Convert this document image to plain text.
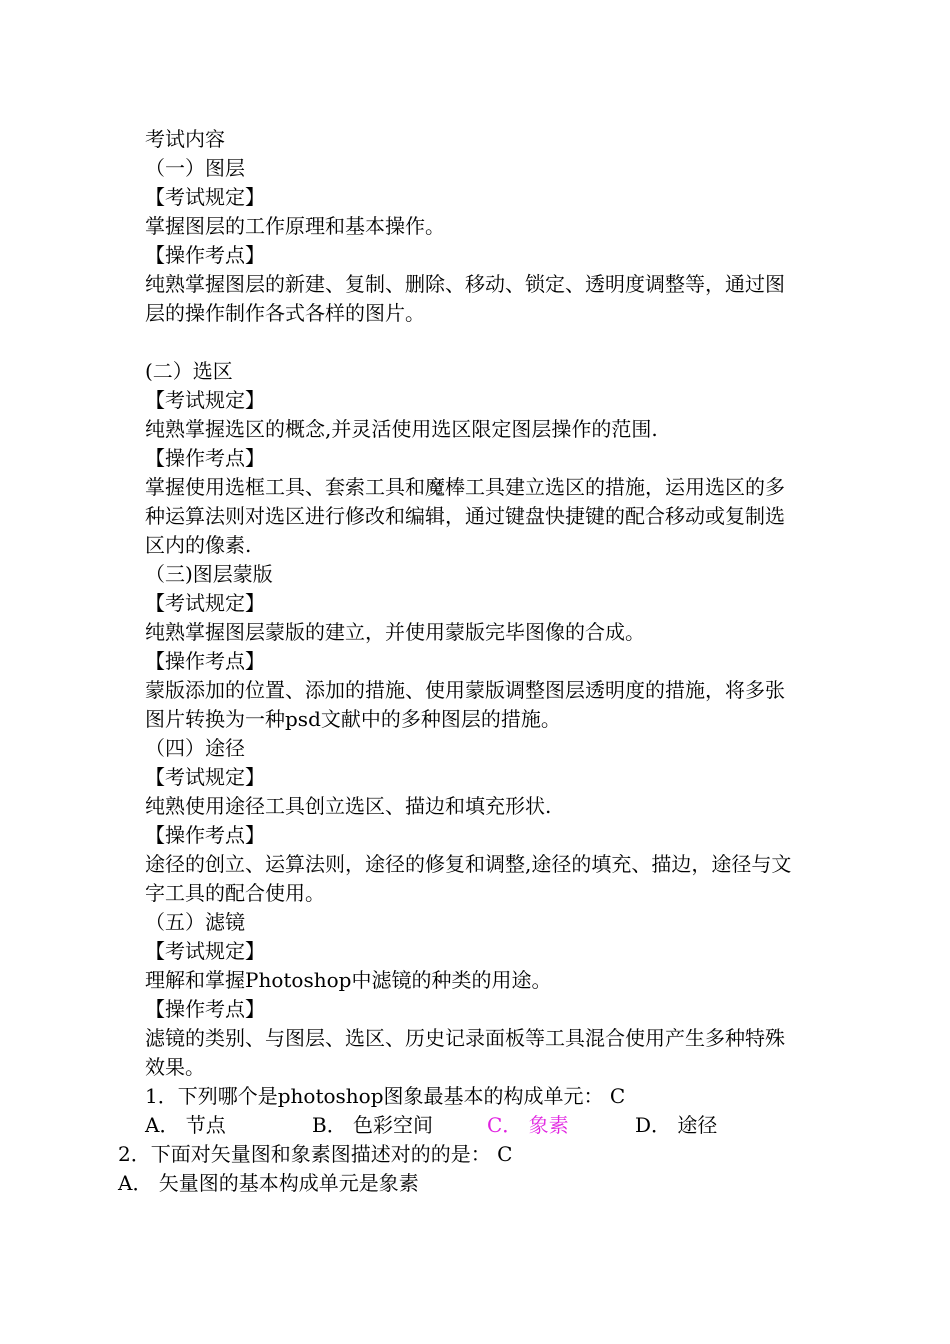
考试内容
（一）图层
【考试规定】
掌握图层的工作原理和基本操作。
【操作考点】
纯熟掌握图层的新建、复制、删除、移动、锁定、透明度调整等，通过图
层的操作制作各式各样的图片。
(二）选区
【考试规定】
纯熟掌握选区的概念,并灵活使用选区限定图层操作的范围.
【操作考点】
掌握使用选框工具、套索工具和魔棒工具建立选区的措施，运用选区的多
种运算法则对选区进行修改和编辑，通过键盘快捷键的配合移动或复制选
区内的像素.
（三)图层蒙版
【考试规定】
纯熟掌握图层蒙版的建立，并使用蒙版完毕图像的合成。
【操作考点】
蒙版添加的位置、添加的措施、使用蒙版调整图层透明度的措施，将多张
图片转换为一种psd文献中的多种图层的措施。
（四）途径
【考试规定】
纯熟使用途径工具创立选区、描边和填充形状.
【操作考点】
途径的创立、运算法则，途径的修复和调整,途径的填充、描边，途径与文
字工具的配合使用。
（五）滤镜
【考试规定】
理解和掌握Photoshop中滤镜的种类的用途。
【操作考点】
滤镜的类别、与图层、选区、历史记录面板等工具混合使用产生多种特殊
效果。
1．下列哪个是photoshop图象最基本的构成单元： C
A． 节点	B． 色彩空间	C． 象素	D． 途径
2．下面对矢量图和象素图描述对的的是： C
A． 矢量图的基本构成单元是象素
